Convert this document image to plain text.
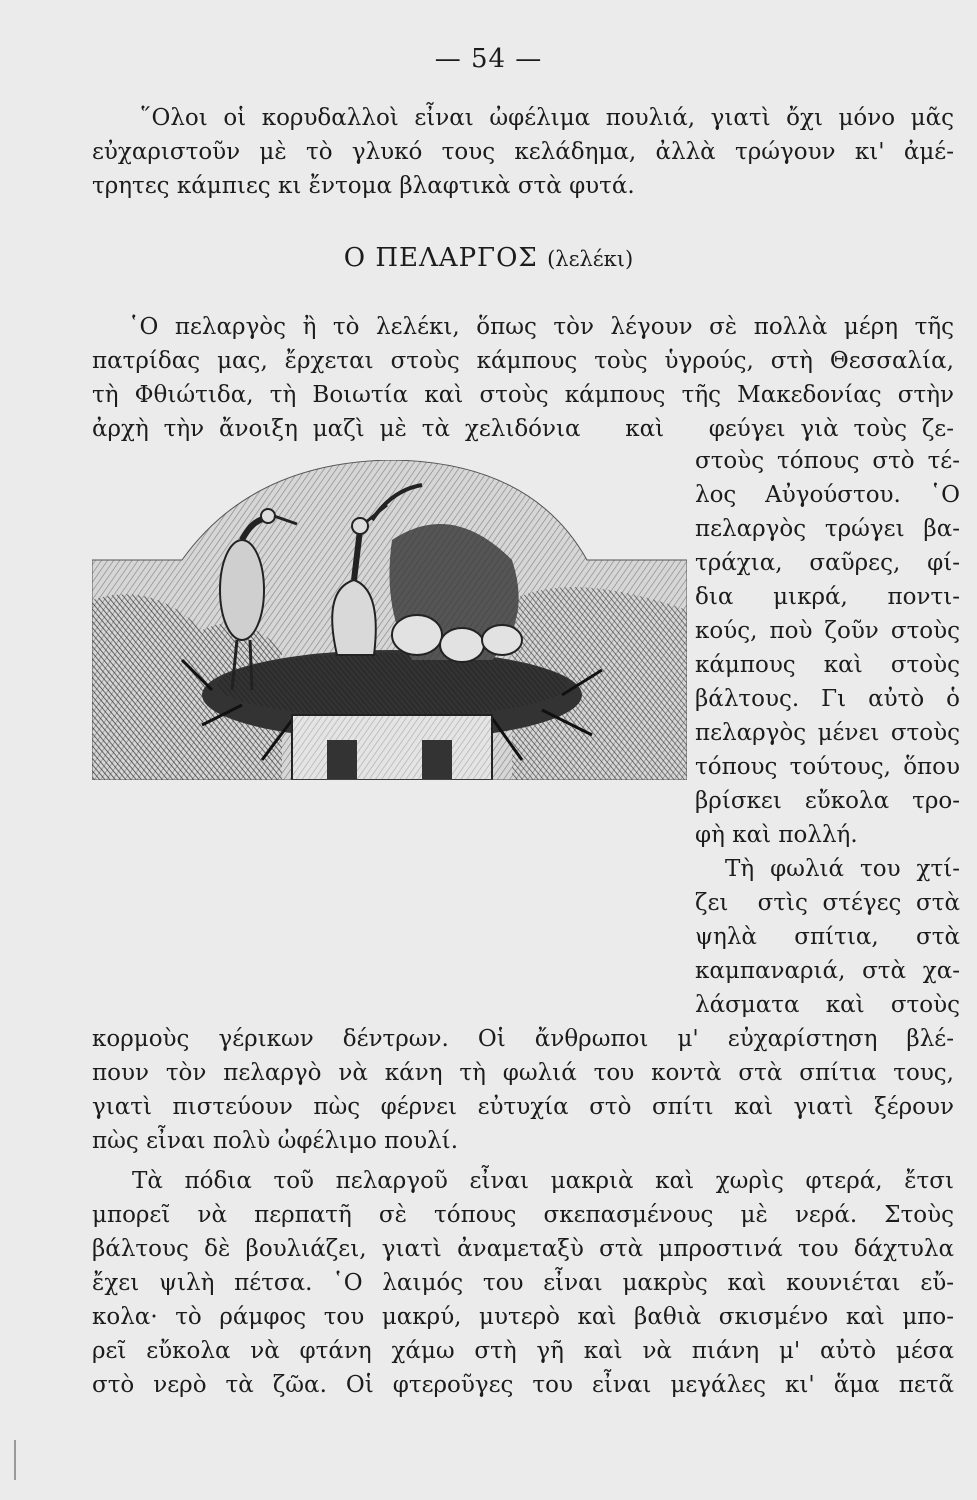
— 54 —
῞Ολοι οἱ κορυδαλλοὶ εἶναι ὠφέλιμα πουλιά, γιατὶ ὄχι μόνο μᾶς
εὐχαριστοῦν μὲ τὸ γλυκό τους κελάδημα, ἀλλὰ τρώγουν κι' ἀμέ-
τρητες κάμπιες κι ἔντομα βλαφτικὰ στὰ φυτά.
Ο ΠΕΛΑΡΓΟΣ (λελέκι)
῾Ο πελαργὸς ἢ τὸ λελέκι, ὅπως τὸν λέγουν σὲ πολλὰ μέρη τῆς
πατρίδας μας, ἔρχεται στοὺς κάμπους τοὺς ὑγρούς, στὴ Θεσσαλία,
τὴ Φθιώτιδα, τὴ Βοιωτία καὶ στοὺς κάμπους τῆς Μακεδονίας στὴν
ἀρχὴ τὴν ἄνοιξη μαζὶ μὲ τὰ χελιδόνια   καὶ   φεύγει γιὰ τοὺς ζε-
στοὺς τόπους στὸ τέ-
λος Αὐγούστου. ῾Ο
πελαργὸς τρώγει βα-
τράχια, σαῦρες, φί-
δια  μικρά,  ποντι-
κούς, ποὺ ζοῦν στοὺς
κάμπους  καὶ  στοὺς
βάλτους. Γι αὐτὸ ὁ
πελαργὸς μένει στοὺς
τόπους τούτους, ὅπου
βρίσκει εὔκολα τρο-
φὴ καὶ πολλή.
Τὴ φωλιά του χτί-
ζει  στὶς στέγες στὰ
ψηλὰ  σπίτια,  στὰ
καμπαναριά, στὰ χα-
λάσματα  καὶ  στοὺς
κορμοὺς γέρικων δέντρων. Οἱ ἄνθρωποι μ' εὐχαρίστηση βλέ-
πουν τὸν πελαργὸ νὰ κάνη τὴ φωλιά του κοντὰ στὰ σπίτια τους,
γιατὶ πιστεύουν πὼς φέρνει εὐτυχία στὸ σπίτι καὶ γιατὶ ξέρουν
πὼς εἶναι πολὺ ὠφέλιμο πουλί.
Τὰ πόδια τοῦ πελαργοῦ εἶναι μακριὰ καὶ χωρὶς φτερά, ἔτσι
μπορεῖ νὰ περπατῆ σὲ τόπους σκεπασμένους μὲ νερά. Στοὺς
βάλτους δὲ βουλιάζει, γιατὶ ἀναμεταξὺ στὰ μπροστινά του δάχτυλα
ἔχει ψιλὴ πέτσα. ῾Ο λαιμός του εἶναι μακρὺς καὶ κουνιέται εὔ-
κολα· τὸ ράμφος του μακρύ, μυτερὸ καὶ βαθιὰ σκισμένο καὶ μπο-
ρεῖ εὔκολα νὰ φτάνη χάμω στὴ γῆ καὶ νὰ πιάνη μ' αὐτὸ μέσα
στὸ νερὸ τὰ ζῶα. Οἱ φτεροῦγες του εἶναι μεγάλες κι' ἅμα πετᾶ
